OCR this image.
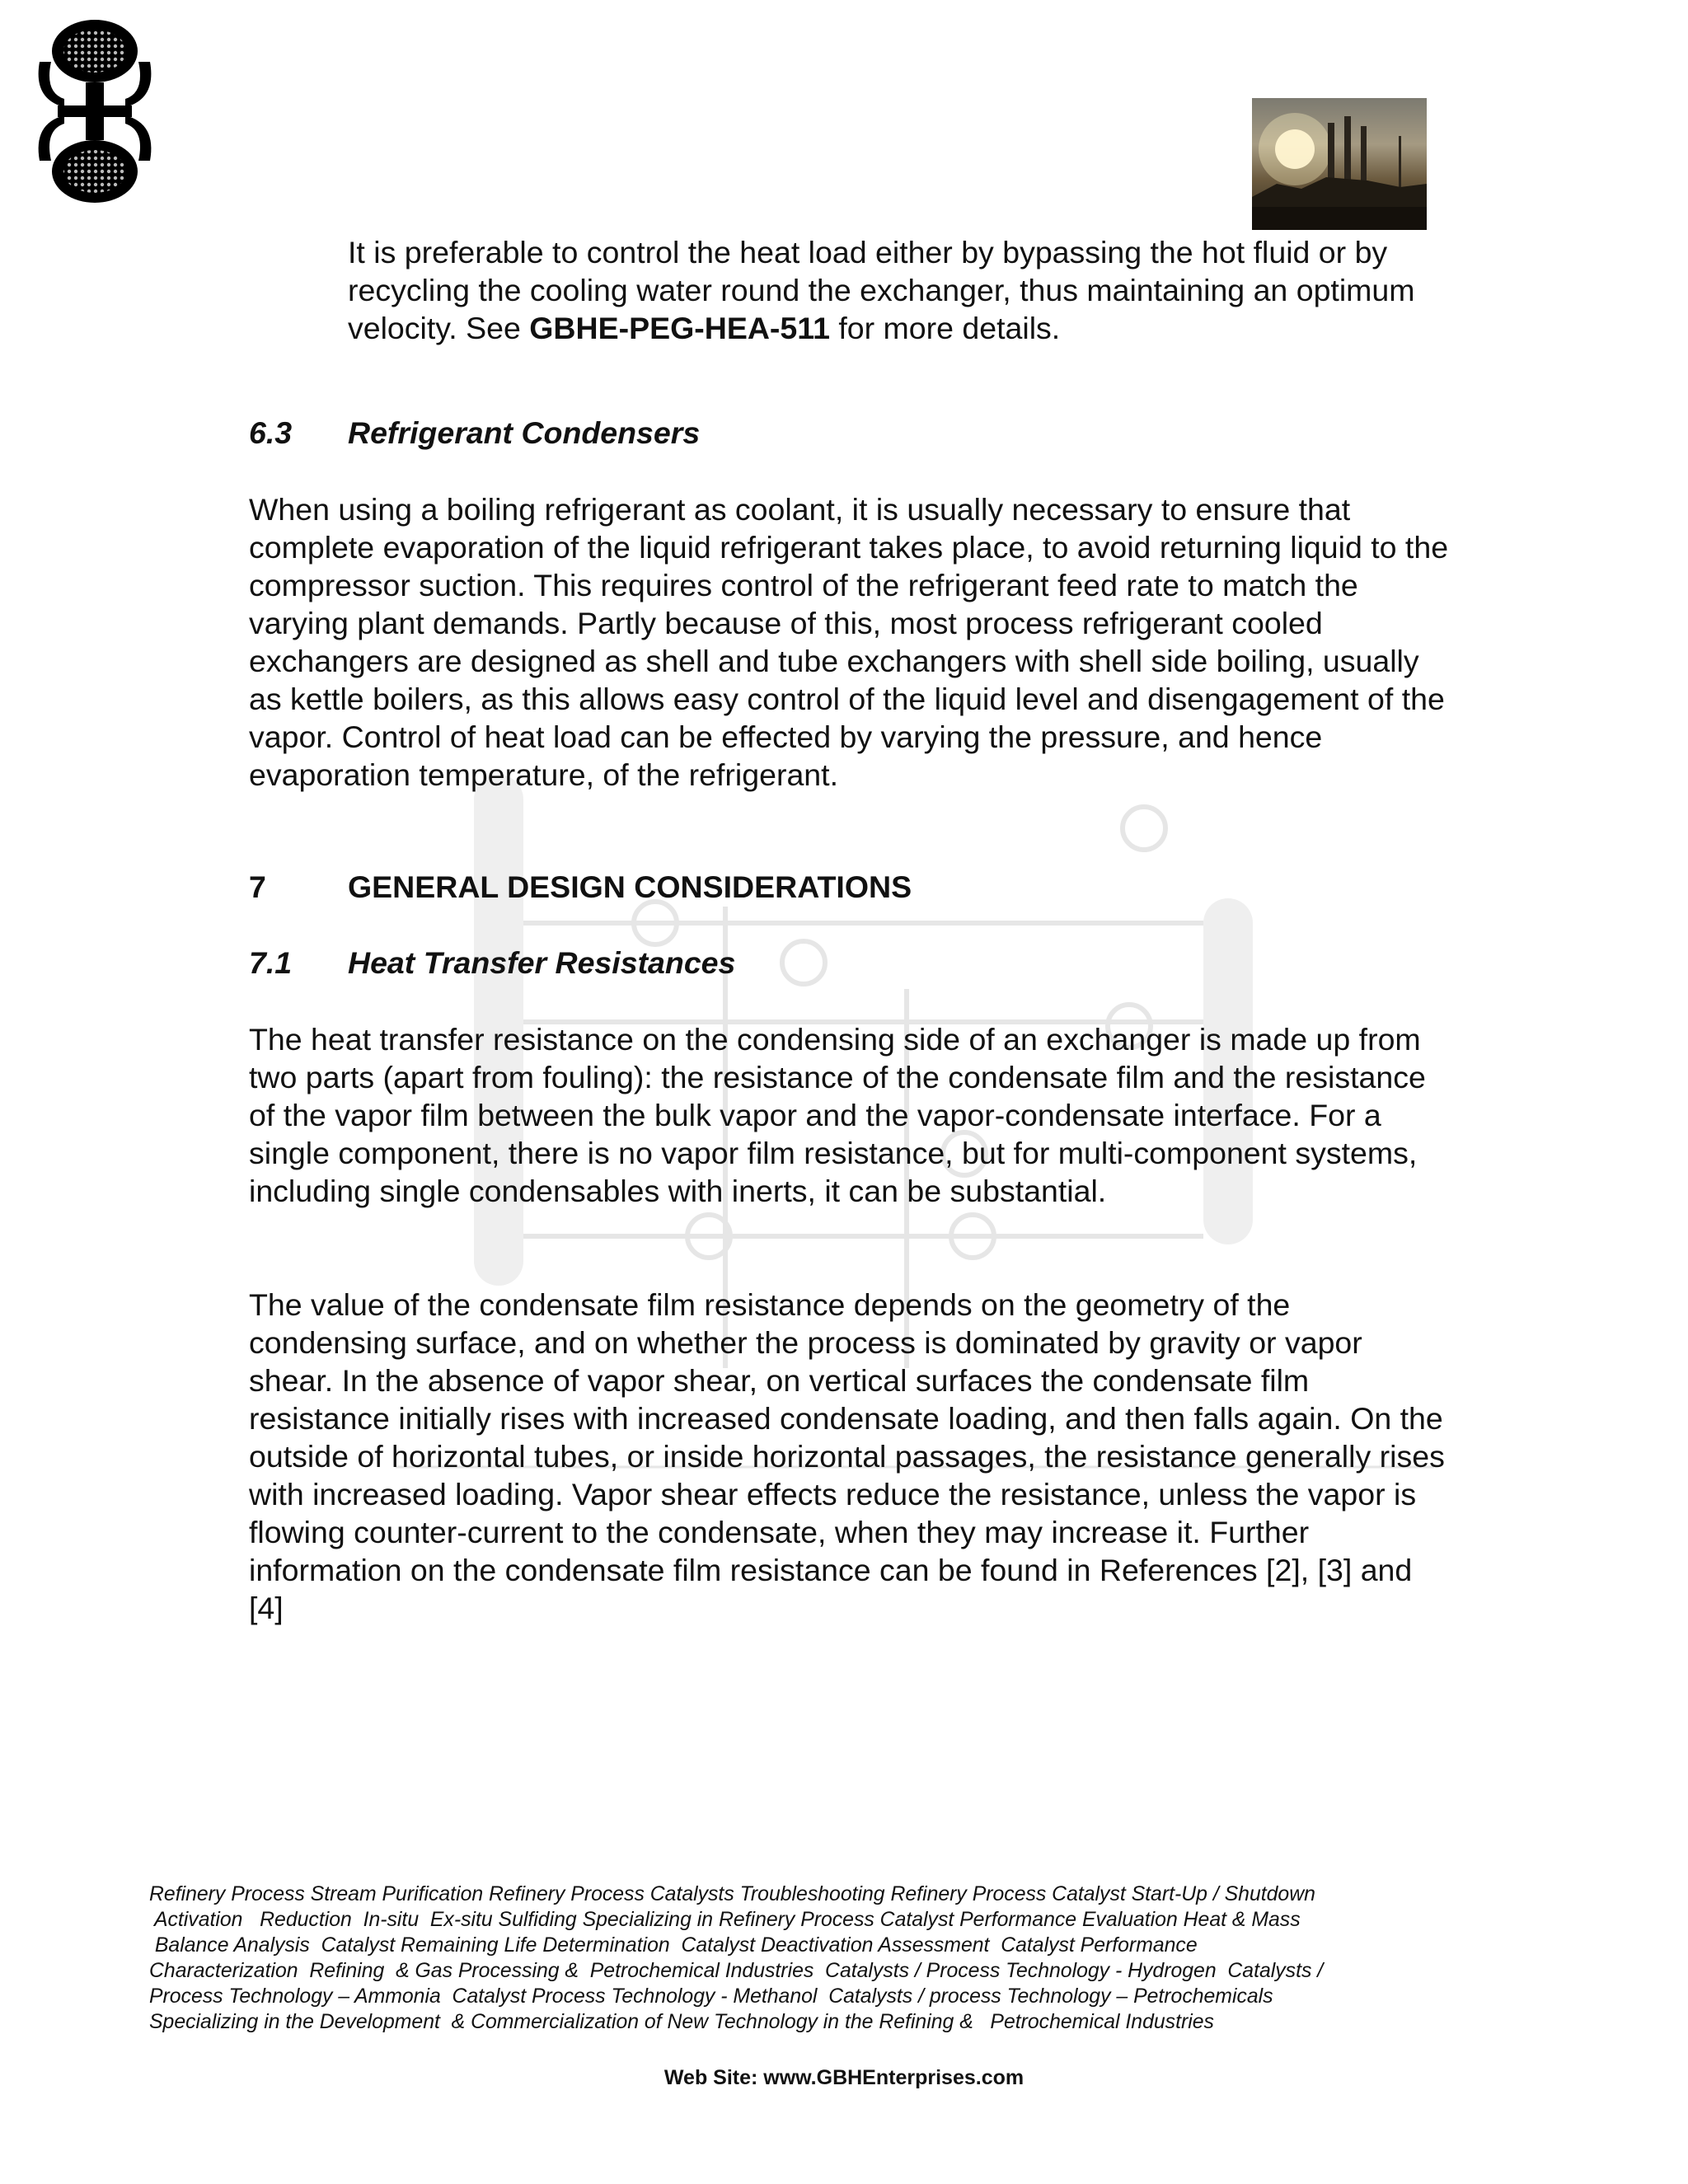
It is preferable to control the heat load either by bypassing the hot fluid or by recycling the cooling water round the exchanger, thus maintaining an optimum velocity. See GBHE-PEG-HEA-511 for more details.

6.3 Refrigerant Condensers

When using a boiling refrigerant as coolant, it is usually necessary to ensure that complete evaporation of the liquid refrigerant takes place, to avoid returning liquid to the compressor suction. This requires control of the refrigerant feed rate to match the varying plant demands. Partly because of this, most process refrigerant cooled exchangers are designed as shell and tube exchangers with shell side boiling, usually as kettle boilers, as this allows easy control of the liquid level and disengagement of the vapor. Control of heat load can be effected by varying the pressure, and hence evaporation temperature, of the refrigerant.

7	GENERAL DESIGN CONSIDERATIONS
7.1 Heat Transfer Resistances

The heat transfer resistance on the condensing side of an exchanger is made up from two parts (apart from fouling): the resistance of the condensate film and the resistance of the vapor film between the bulk vapor and the vapor-condensate interface. For a single component, there is no vapor film resistance, but for multi-component systems, including single condensables with inerts, it can be substantial.

The value of the condensate film resistance depends on the geometry of the condensing surface, and on whether the process is dominated by gravity or vapor shear. In the absence of vapor shear, on vertical surfaces the condensate film resistance initially rises with increased condensate loading, and then falls again. On the outside of horizontal tubes, or inside horizontal passages, the resistance generally rises with increased loading. Vapor shear effects reduce the resistance, unless the vapor is flowing counter-current to the condensate, when they may increase it. Further information on the condensate film resistance can be found in References [2], [3] and [4]

Refinery Process Stream Purification Refinery Process Catalysts Troubleshooting Refinery Process Catalyst Start-Up / Shutdown
Activation   Reduction  In-situ  Ex-situ Sulfiding Specializing in Refinery Process Catalyst Performance Evaluation Heat & Mass
Balance Analysis  Catalyst Remaining Life Determination  Catalyst Deactivation Assessment  Catalyst Performance
Characterization  Refining  & Gas Processing &  Petrochemical Industries  Catalysts / Process Technology - Hydrogen  Catalysts /
Process Technology – Ammonia  Catalyst Process Technology - Methanol  Catalysts / process Technology – Petrochemicals
Specializing in the Development  & Commercialization of New Technology in the Refining &   Petrochemical Industries
Web Site: www.GBHEnterprises.com
